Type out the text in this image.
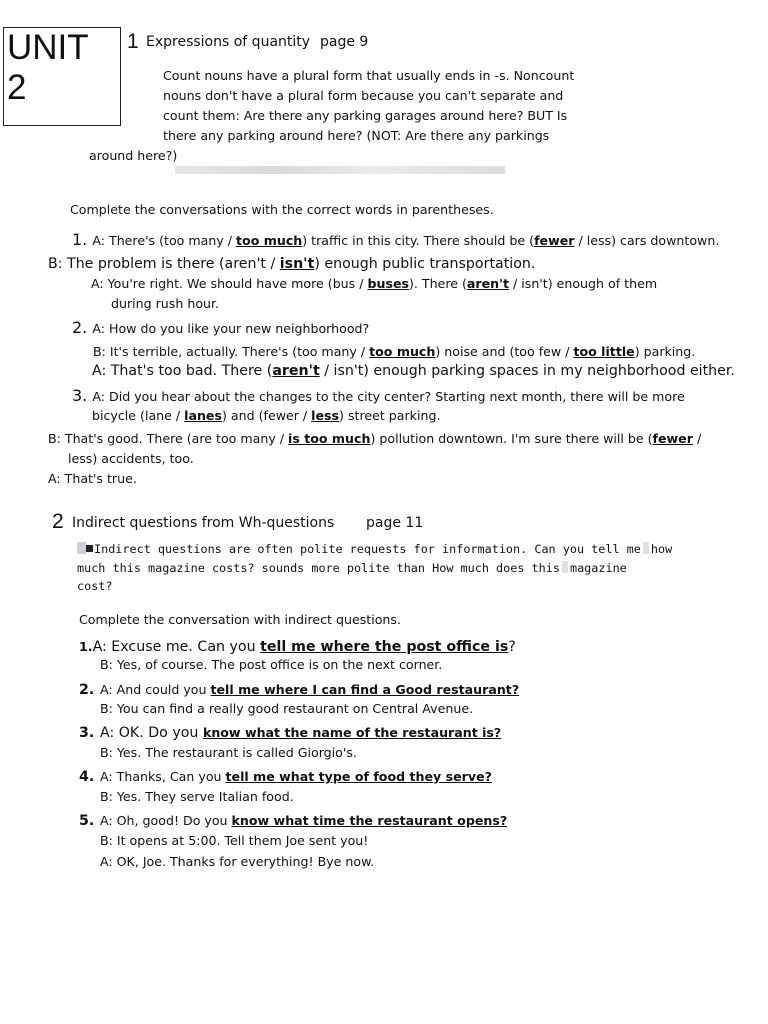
UNIT 2
1 Expressions of quantity page 9
Count nouns have a plural form that usually ends in -s. Noncount
nouns don't have a plural form because you can't separate and
count them: Are there any parking garages around here? BUT Is
there any parking around here? (NOT: Are there any parkings
around here?)
Complete the conversations with the correct words in parentheses.
1. A: There's (too many / too much) traffic in this city. There should be (fewer / less) cars downtown.
B: The problem is there (aren't / isn't) enough public transportation.
A: You're right. We should have more (bus / buses). There (aren't / isn't) enough of them
during rush hour.
2. A: How do you like your new neighborhood?
B: It's terrible, actually. There's (too many / too much) noise and (too few / too little) parking.
A: That's too bad. There (aren't / isn't) enough parking spaces in my neighborhood either.
3. A: Did you hear about the changes to the city center? Starting next month, there will be more
bicycle (lane / lanes) and (fewer / less) street parking.
B: That's good. There (are too many / is too much) pollution downtown. I'm sure there will be (fewer /
less) accidents, too.
A: That's true.
2 Indirect questions from Wh-questions page 11
Indirect questions are often polite requests for information. Can you tell me how
much this magazine costs? sounds more polite than How much does this magazine
cost?
Complete the conversation with indirect questions.
1.A: Excuse me. Can you tell me where the post office is?
B: Yes, of course. The post office is on the next corner.
2. A: And could you tell me where I can find a Good restaurant?
B: You can find a really good restaurant on Central Avenue.
3. A: OK. Do you know what the name of the restaurant is?
B: Yes. The restaurant is called Giorgio's.
4. A: Thanks, Can you tell me what type of food they serve?
B: Yes. They serve Italian food.
5. A: Oh, good! Do you know what time the restaurant opens?
B: It opens at 5:00. Tell them Joe sent you!
A: OK, Joe. Thanks for everything! Bye now.
